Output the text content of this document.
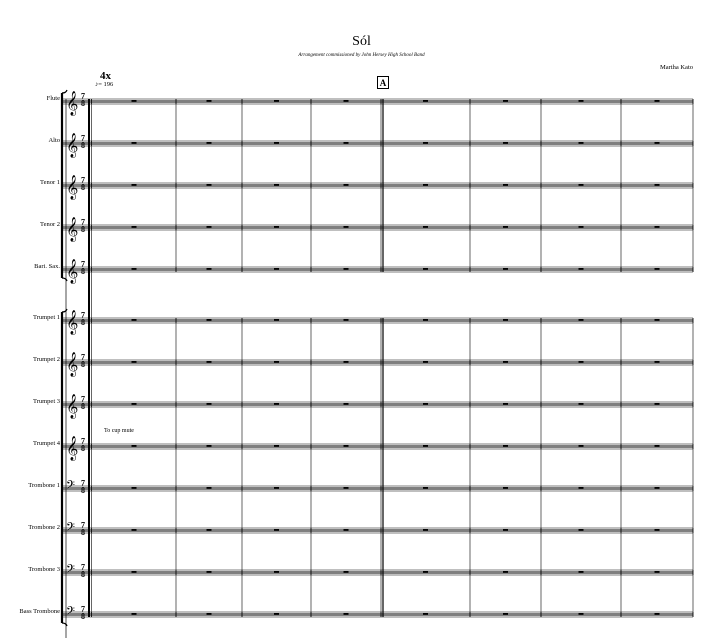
Sól
Arrangement commissioned by John Hersey High School Band
Martha Kato
4x
♪= 196	A
𝄞 7
8
𝄞 7
8
𝄞 7
8
𝄞 7
8
𝄞 7
8
𝄞 7
8
𝄞 7
8
𝄞 7
8
𝄞 7
8
𝄢 7
8
𝄢 7
8
𝄢 7
8
𝄢 7
8
Flute
Alto
Tenor 1
Tenor 2
Bari. Sax.
Trumpet 1
Trumpet 2
Trumpet 3
Trumpet 4
Trombone 1
Trombone 2
Trombone 3
Bass Trombone
To cup mute
